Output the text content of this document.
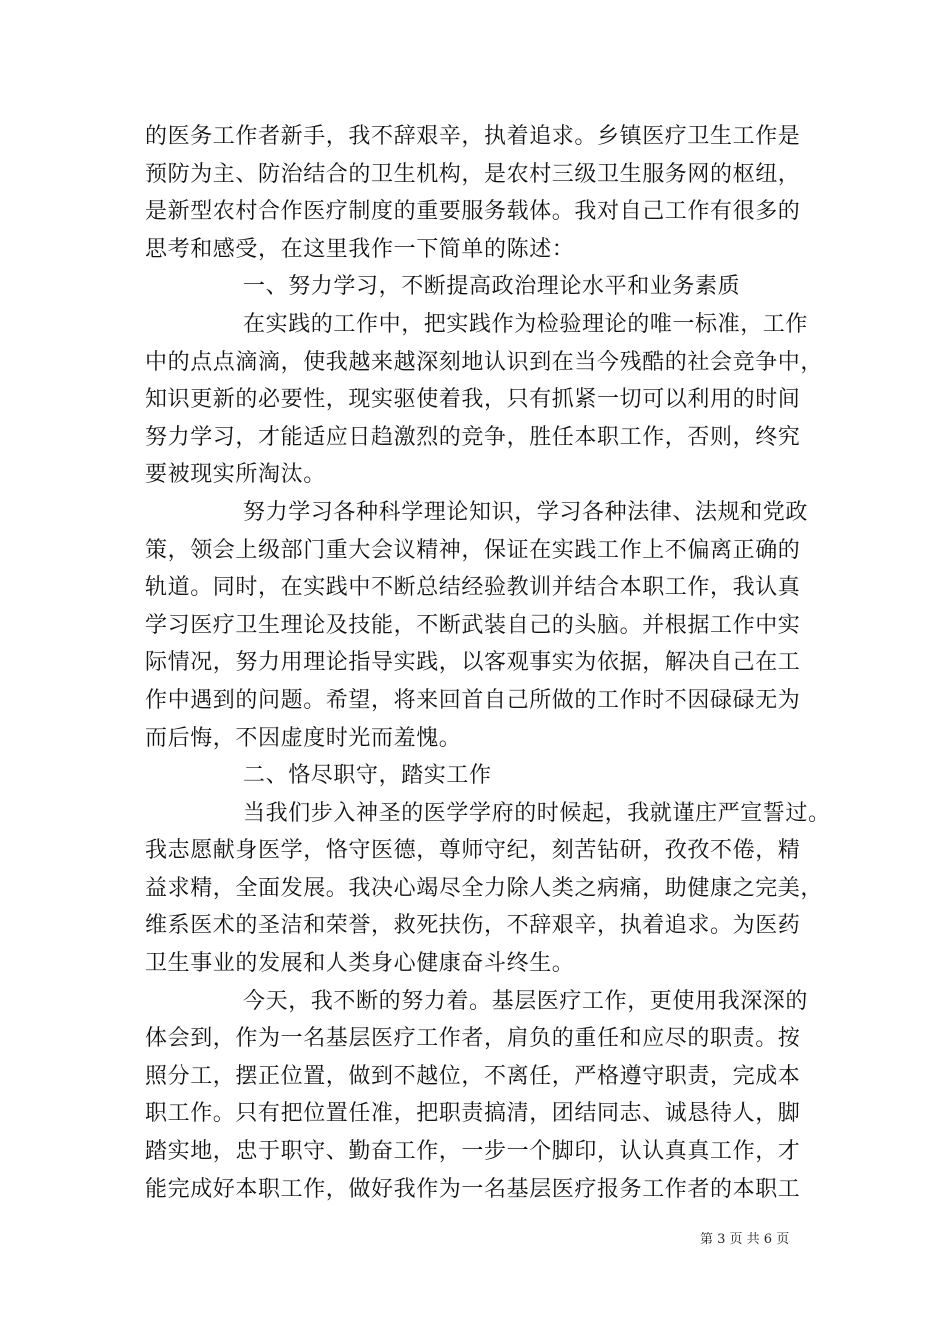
的医务工作者新手，我不辞艰辛，执着追求。乡镇医疗卫生工作是
预防为主、防治结合的卫生机构，是农村三级卫生服务网的枢纽，
是新型农村合作医疗制度的重要服务载体。我对自己工作有很多的
思考和感受，在这里我作一下简单的陈述：
一、努力学习，不断提高政治理论水平和业务素质
在实践的工作中，把实践作为检验理论的唯一标准，工作
中的点点滴滴，使我越来越深刻地认识到在当今残酷的社会竞争中，
知识更新的必要性，现实驱使着我，只有抓紧一切可以利用的时间
努力学习，才能适应日趋激烈的竞争，胜任本职工作，否则，终究
要被现实所淘汰。
努力学习各种科学理论知识，学习各种法律、法规和党政
策，领会上级部门重大会议精神，保证在实践工作上不偏离正确的
轨道。同时，在实践中不断总结经验教训并结合本职工作，我认真
学习医疗卫生理论及技能，不断武装自己的头脑。并根据工作中实
际情况，努力用理论指导实践，以客观事实为依据，解决自己在工
作中遇到的问题。希望，将来回首自己所做的工作时不因碌碌无为
而后悔，不因虚度时光而羞愧。
二、恪尽职守，踏实工作
当我们步入神圣的医学学府的时候起，我就谨庄严宣誓过。
我志愿献身医学，恪守医德，尊师守纪，刻苦钻研，孜孜不倦，精
益求精，全面发展。我决心竭尽全力除人类之病痛，助健康之完美，
维系医术的圣洁和荣誉，救死扶伤，不辞艰辛，执着追求。为医药
卫生事业的发展和人类身心健康奋斗终生。
今天，我不断的努力着。基层医疗工作，更使用我深深的
体会到，作为一名基层医疗工作者，肩负的重任和应尽的职责。按
照分工，摆正位置，做到不越位，不离任，严格遵守职责，完成本
职工作。只有把位置任准，把职责搞清，团结同志、诚恳待人，脚
踏实地，忠于职守、勤奋工作，一步一个脚印，认认真真工作，才
能完成好本职工作，做好我作为一名基层医疗报务工作者的本职工
第 3 页 共 6 页
